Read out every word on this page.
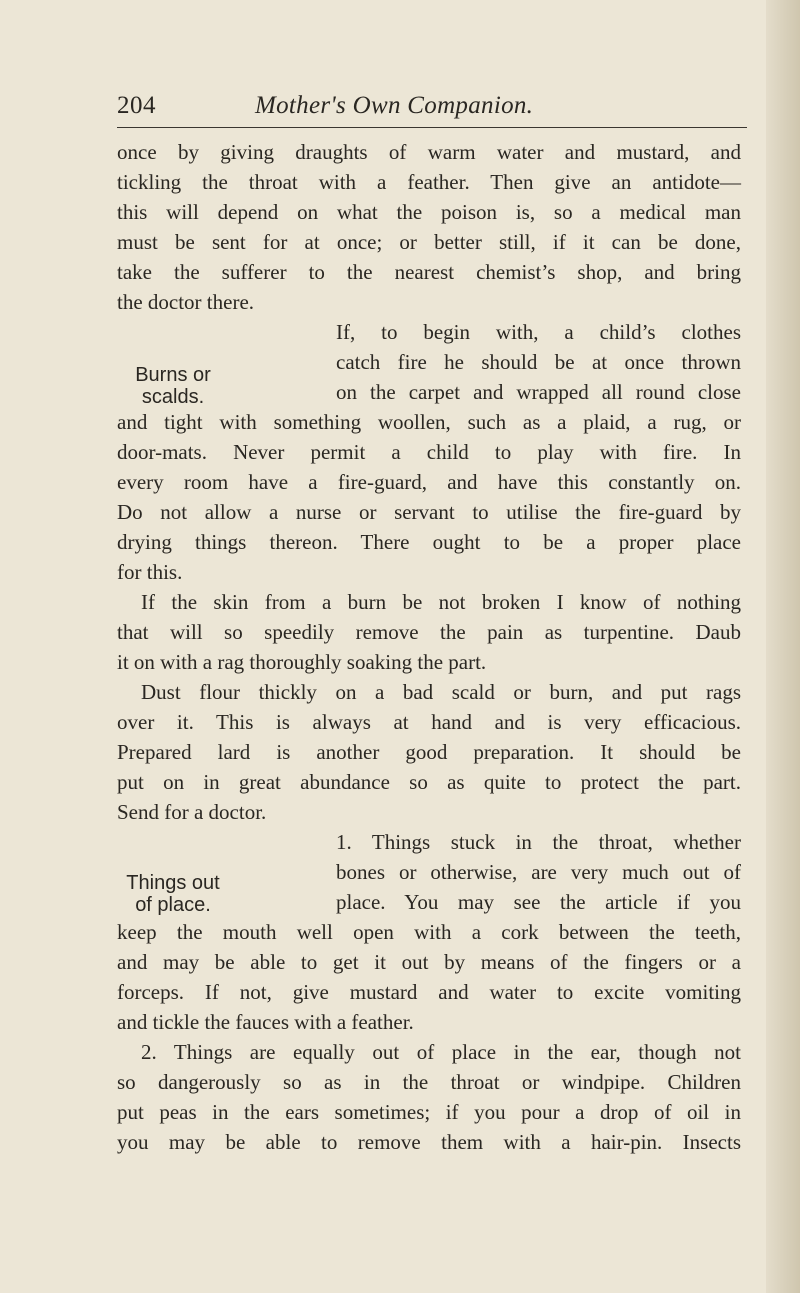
204	Mother's Own Companion.
Burns or
scalds.
Things out
of place.
once by giving draughts of warm water and mustard, and
tickling the throat with a feather. Then give an antidote—
this will depend on what the poison is, so a medical man
must be sent for at once; or better still, if it can be done,
take the sufferer to the nearest chemist’s shop, and bring
the doctor there.
If, to begin with, a child’s clothes
catch fire he should be at once thrown
on the carpet and wrapped all round close
and tight with something woollen, such as a plaid, a rug, or
door-mats. Never permit a child to play with fire. In
every room have a fire-guard, and have this constantly on.
Do not allow a nurse or servant to utilise the fire-guard by
drying things thereon. There ought to be a proper place
for this.
If the skin from a burn be not broken I know of nothing
that will so speedily remove the pain as turpentine. Daub
it on with a rag thoroughly soaking the part.
Dust flour thickly on a bad scald or burn, and put rags
over it. This is always at hand and is very efficacious.
Prepared lard is another good preparation. It should be
put on in great abundance so as quite to protect the part.
Send for a doctor.
1. Things stuck in the throat, whether
bones or otherwise, are very much out of
place. You may see the article if you
keep the mouth well open with a cork between the teeth,
and may be able to get it out by means of the fingers or a
forceps. If not, give mustard and water to excite vomiting
and tickle the fauces with a feather.
2. Things are equally out of place in the ear, though not
so dangerously so as in the throat or windpipe. Children
put peas in the ears sometimes; if you pour a drop of oil in
you may be able to remove them with a hair-pin. Insects
